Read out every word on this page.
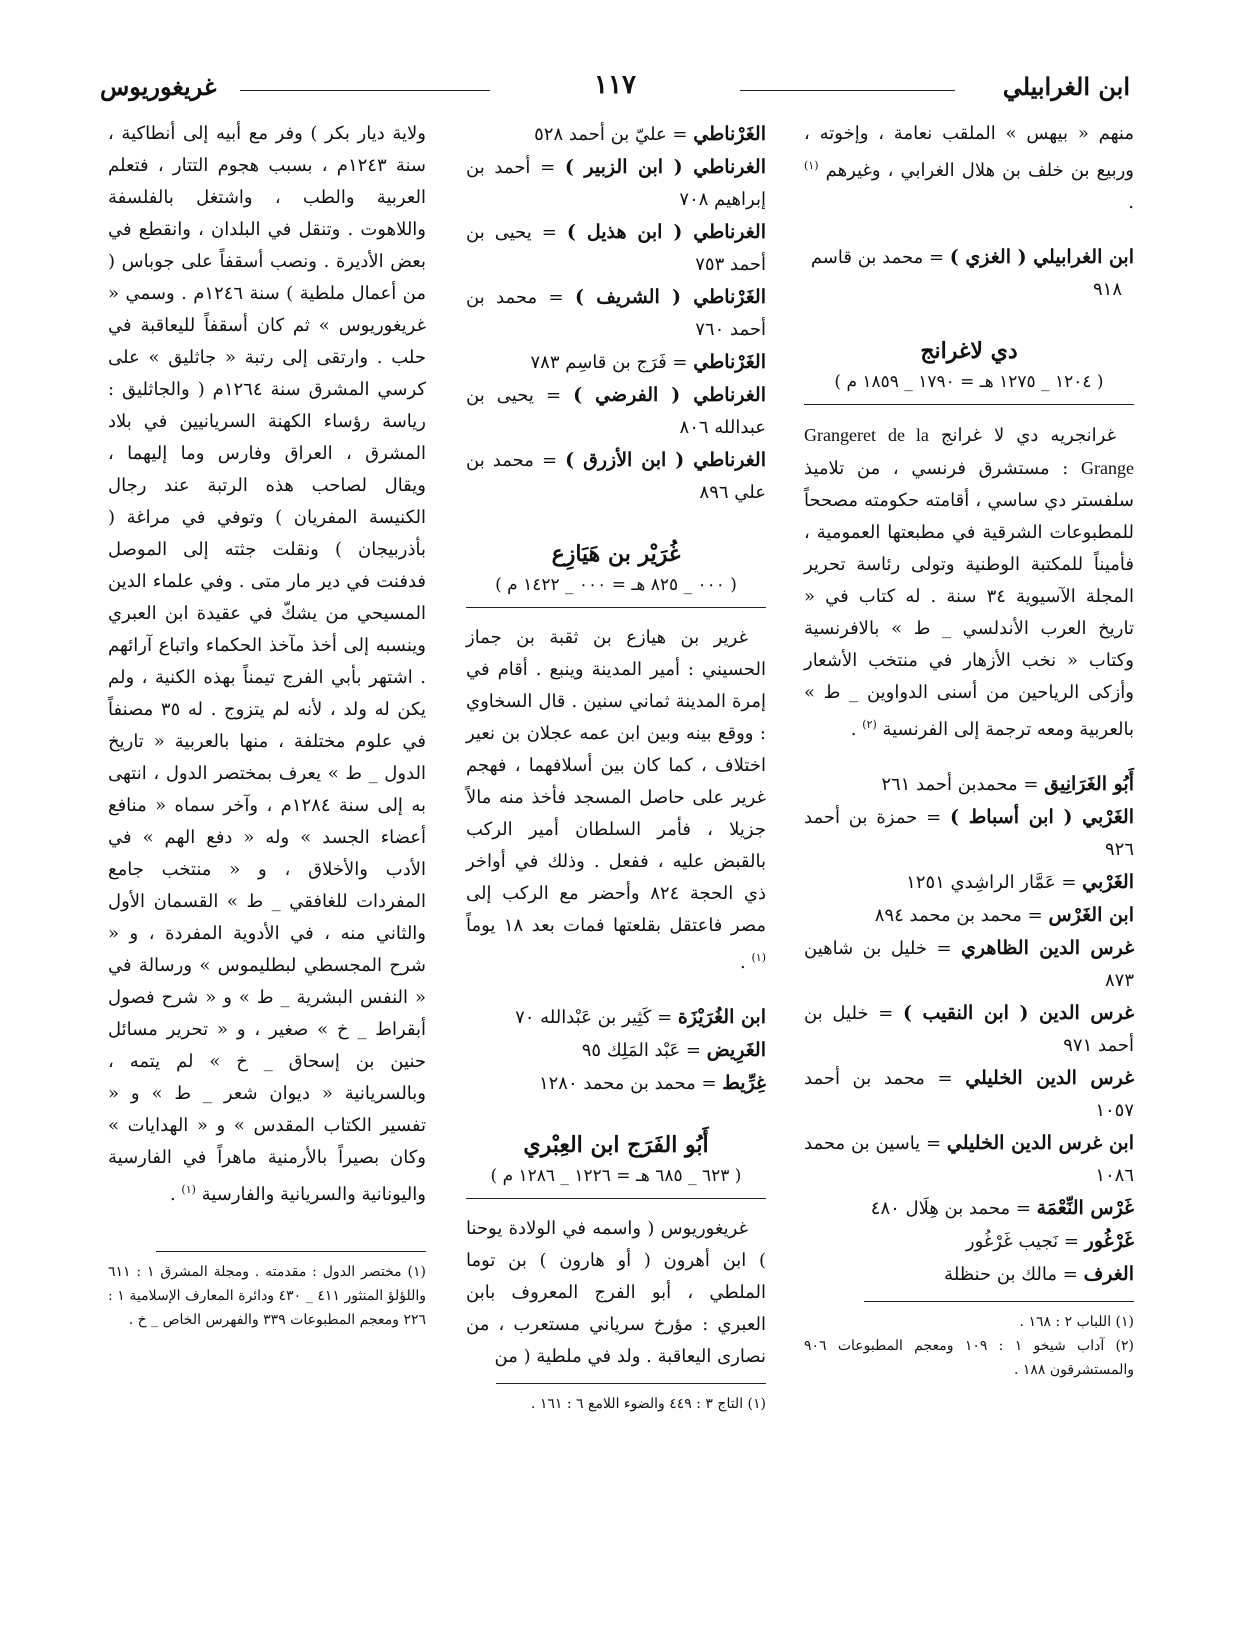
ابن الغرابيلي
١١٧
غريغوريوس

منهم « بيهس » الملقب نعامة ، وإخوته ، وربيع بن خلف بن هلال الغرابي ، وغيرهم $^{(١)}$ .

ابن الغرابيلي ( الغزي ) = محمد بن قاسم
٩١٨

دي لاغرانج
( ١٢٠٤ _ ١٢٧٥ هـ = ١٧٩٠ _ ١٨٥٩ م )

غرانجريه دي لا غرانج Grangeret de la Grange : مستشرق فرنسي ، من تلاميذ سلفستر دي ساسي ، أقامته حكومته مصححاً للمطبوعات الشرقية في مطبعتها العمومية ، فأميناً للمكتبة الوطنية وتولى رئاسة تحرير المجلة الآسيوية ٣٤ سنة . له كتاب في « تاريخ العرب الأندلسي _ ط » بالافرنسية وكتاب « نخب الأزهار في منتخب الأشعار وأزكى الرياحين من أسنى الدواوين _ ط » بالعربية ومعه ترجمة إلى الفرنسية $^{(٢)}$ .

أَبُو الغَرَانِيق = محمدبن أحمد ٢٦١

الغَرْبي ( ابن أسباط ) = حمزة بن أحمد ٩٢٦

الغَرْبي = عَمَّار الراشِدي ١٢٥١

ابن الغَرْس = محمد بن محمد ٨٩٤

غرس الدين الظاهري = خليل بن شاهين ٨٧٣

غرس الدين ( ابن النقيب ) = خليل بن أحمد ٩٧١

غرس الدين الخليلي = محمد بن أحمد ١٠٥٧

ابن غرس الدين الخليلي = ياسين بن محمد ١٠٨٦

غَرْس النِّعْمَة = محمد بن هِلَال ٤٨٠

غَرْغُور = نَجيب غَرْغُور

الغرف = مالك بن حنظلة

(١) اللباب ٢ : ١٦٨ .
(٢) آداب شيخو ١ : ١٠٩ ومعجم المطبوعات ٩٠٦ والمستشرقون ١٨٨ .

الغَرْناطي = عليّ بن أحمد ٥٢٨

الغرناطي ( ابن الزبير ) = أحمد بن إبراهيم ٧٠٨

الغرناطي ( ابن هذيل ) = يحيى بن أحمد ٧٥٣

الغَرْناطي ( الشريف ) = محمد بن أحمد ٧٦٠

الغَرْناطي = فَرَج بن قاسِم ٧٨٣

الغرناطي ( الفرضي ) = يحيى بن عبدالله ٨٠٦

الغرناطي ( ابن الأزرق ) = محمد بن علي ٨٩٦

غُرَيْر بن هَيَازِع
( ٠٠٠ _ ٨٢٥ هـ = ٠٠٠ _ ١٤٢٢ م )

غرير بن هيازع بن ثقبة بن جماز الحسيني : أمير المدينة وينبع . أقام في إمرة المدينة ثماني سنين . قال السخاوي : ووقع بينه وبين ابن عمه عجلان بن نعير اختلاف ، كما كان بين أسلافهما ، فهجم غرير على حاصل المسجد فأخذ منه مالاً جزيلا ، فأمر السلطان أمير الركب بالقبض عليه ، ففعل . وذلك في أواخر ذي الحجة ٨٢٤ وأحضر مع الركب إلى مصر فاعتقل بقلعتها فمات بعد ١٨ يوماً $^{(١)}$ .

ابن الغُرَيْزَة = كَثِير بن عَبْدالله ٧٠

الغَرِيض = عَبْد المَلِك ٩٥

غِرِّيط = محمد بن محمد ١٢٨٠

أَبُو الفَرَج ابن العِبْري
( ٦٢٣ _ ٦٨٥ هـ = ١٢٢٦ _ ١٢٨٦ م )

غريغوريوس ( واسمه في الولادة يوحنا ) ابن أهرون ( أو هارون ) بن توما الملطي ، أبو الفرج المعروف بابن العبري : مؤرخ سرياني مستعرب ، من نصارى اليعاقبة . ولد في ملطية ( من

(١) التاج ٣ : ٤٤٩ والضوء اللامع ٦ : ١٦١ .

ولاية ديار بكر ) وفر مع أبيه إلى أنطاكية ، سنة ١٢٤٣م ، بسبب هجوم التتار ، فتعلم العربية والطب ، واشتغل بالفلسفة واللاهوت . وتنقل في البلدان ، وانقطع في بعض الأديرة . ونصب أسقفاً على جوباس ( من أعمال ملطية ) سنة ١٢٤٦م . وسمي « غريغوريوس » ثم كان أسقفاً لليعاقبة في حلب . وارتقى إلى رتبة « جاثليق » على كرسي المشرق سنة ١٢٦٤م ( والجاثليق : رياسة رؤساء الكهنة السريانيين في بلاد المشرق ، العراق وفارس وما إليهما ، ويقال لصاحب هذه الرتبة عند رجال الكنيسة المفريان ) وتوفي في مراغة ( بأذربيجان ) ونقلت جثته إلى الموصل فدفنت في دير مار متى . وفي علماء الدين المسيحي من يشكّ في عقيدة ابن العبري وينسبه إلى أخذ مآخذ الحكماء واتباع آرائهم . اشتهر بأبي الفرج تيمناً بهذه الكنية ، ولم يكن له ولد ، لأنه لم يتزوج . له ٣٥ مصنفاً في علوم مختلفة ، منها بالعربية « تاريخ الدول _ ط » يعرف بمختصر الدول ، انتهى به إلى سنة ١٢٨٤م ، وآخر سماه « منافع أعضاء الجسد » وله « دفع الهم » في الأدب والأخلاق ، و « منتخب جامع المفردات للغافقي _ ط » القسمان الأول والثاني منه ، في الأدوية المفردة ، و « شرح المجسطي لبطليموس » ورسالة في « النفس البشرية _ ط » و « شرح فصول أبقراط _ خ » صغير ، و « تحرير مسائل حنين بن إسحاق _ خ » لم يتمه ، وبالسريانية « ديوان شعر _ ط » و « تفسير الكتاب المقدس » و « الهدايات » وكان بصيراً بالأرمنية ماهراً في الفارسية واليونانية والسريانية والفارسية $^{(١)}$ .

(١) مختصر الدول : مقدمته . ومجلة المشرق ١ : ٦١١ واللؤلؤ المنثور ٤١١ _ ٤٣٠ ودائرة المعارف الإسلامية ١ : ٢٢٦ ومعجم المطبوعات ٣٣٩ والفهرس الخاص _ خ .
